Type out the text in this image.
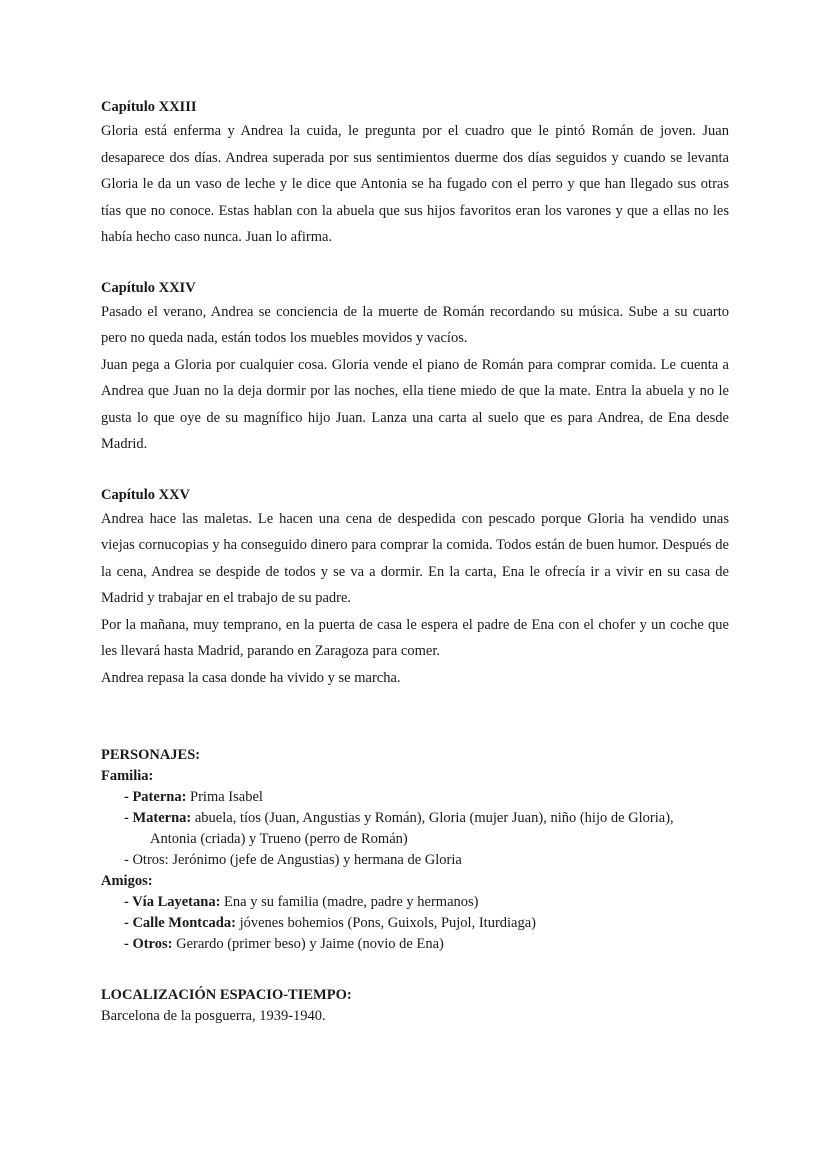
Capítulo XXIII

Gloria está enferma y Andrea la cuida, le pregunta por el cuadro que le pintó Román de joven. Juan desaparece dos días. Andrea superada por sus sentimientos duerme dos días seguidos y cuando se levanta Gloria le da un vaso de leche y le dice que Antonia se ha fugado con el perro y que han llegado sus otras tías que no conoce. Estas hablan con la abuela que sus hijos favoritos eran los varones y que a ellas no les había hecho caso nunca. Juan lo afirma.

Capítulo XXIV

Pasado el verano, Andrea se conciencia de la muerte de Román recordando su música. Sube a su cuarto pero no queda nada, están todos los muebles movidos y vacíos.

Juan pega a Gloria por cualquier cosa. Gloria vende el piano de Román para comprar comida. Le cuenta a Andrea que Juan no la deja dormir por las noches, ella tiene miedo de que la mate. Entra la abuela y no le gusta lo que oye de su magnífico hijo Juan. Lanza una carta al suelo que es para Andrea, de Ena desde Madrid.

Capítulo XXV

Andrea hace las maletas. Le hacen una cena de despedida con pescado porque Gloria ha vendido unas viejas cornucopias y ha conseguido dinero para comprar la comida. Todos están de buen humor. Después de la cena, Andrea se despide de todos y se va a dormir. En la carta, Ena le ofrecía ir a vivir en su casa de Madrid y trabajar en el trabajo de su padre.

Por la mañana, muy temprano, en la puerta de casa le espera el padre de Ena con el chofer y un coche que les llevará hasta Madrid, parando en Zaragoza para comer.

Andrea repasa la casa donde ha vivido y se marcha.

PERSONAJES:

Familia:

- Paterna: Prima Isabel

- Materna: abuela, tíos (Juan, Angustias y Román), Gloria (mujer Juan), niño (hijo de Gloria),

Antonia (criada) y Trueno (perro de Román)

- Otros: Jerónimo (jefe de Angustias) y hermana de Gloria

Amigos:

- Vía Layetana: Ena y su familia (madre, padre y hermanos)

- Calle Montcada: jóvenes bohemios (Pons, Guixols, Pujol, Iturdiaga)

- Otros: Gerardo (primer beso) y Jaime (novio de Ena)

LOCALIZACIÓN ESPACIO-TIEMPO:

Barcelona de la posguerra, 1939-1940.
